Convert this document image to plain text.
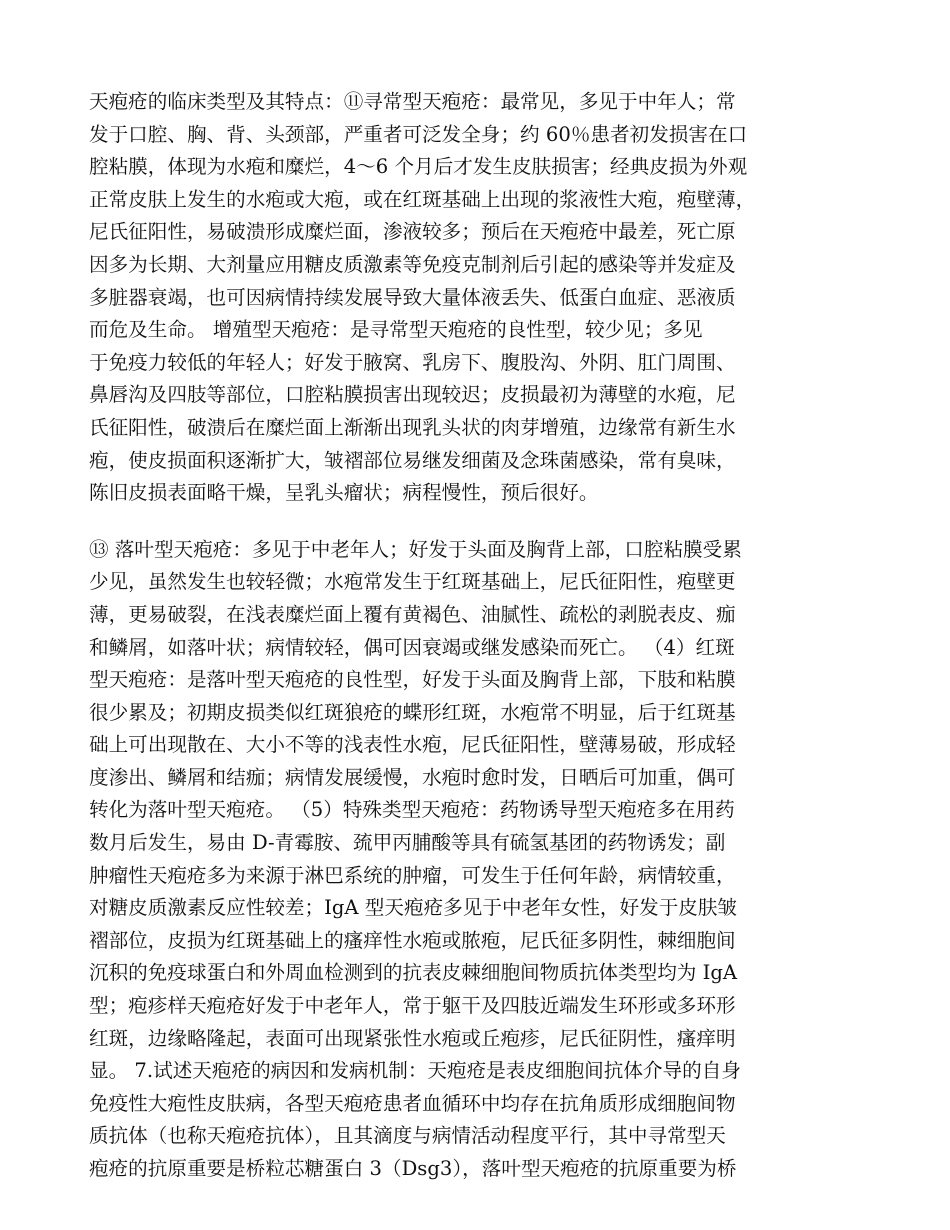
天疱疮的临床类型及其特点：⑪寻常型天疱疮：最常见，多见于中年人；常
发于口腔、胸、背、头颈部，严重者可泛发全身；约 60％患者初发损害在口
腔粘膜，体现为水疱和糜烂，4～6 个月后才发生皮肤损害；经典皮损为外观
正常皮肤上发生的水疱或大疱，或在红斑基础上出现的浆液性大疱，疱壁薄，
尼氏征阳性，易破溃形成糜烂面，渗液较多；预后在天疱疮中最差，死亡原
因多为长期、大剂量应用糖皮质激素等免疫克制剂后引起的感染等并发症及
多脏器衰竭，也可因病情持续发展导致大量体液丢失、低蛋白血症、恶液质
而危及生命。 增殖型天疱疮：是寻常型天疱疮的良性型，较少见；多见
于免疫力较低的年轻人；好发于腋窝、乳房下、腹股沟、外阴、肛门周围、
鼻唇沟及四肢等部位，口腔粘膜损害出现较迟；皮损最初为薄壁的水疱，尼
氏征阳性，破溃后在糜烂面上渐渐出现乳头状的肉芽增殖，边缘常有新生水
疱，使皮损面积逐渐扩大，皱褶部位易继发细菌及念珠菌感染，常有臭味，
陈旧皮损表面略干燥，呈乳头瘤状；病程慢性，预后很好。
⑬ 落叶型天疱疮：多见于中老年人；好发于头面及胸背上部，口腔粘膜受累
少见，虽然发生也较轻微；水疱常发生于红斑基础上，尼氏征阳性，疱壁更
薄，更易破裂，在浅表糜烂面上覆有黄褐色、油腻性、疏松的剥脱表皮、痂
和鳞屑，如落叶状；病情较轻，偶可因衰竭或继发感染而死亡。 （4）红斑
型天疱疮：是落叶型天疱疮的良性型，好发于头面及胸背上部，下肢和粘膜
很少累及；初期皮损类似红斑狼疮的蝶形红斑，水疱常不明显，后于红斑基
础上可出现散在、大小不等的浅表性水疱，尼氏征阳性，壁薄易破，形成轻
度渗出、鳞屑和结痂；病情发展缓慢，水疱时愈时发，日晒后可加重，偶可
转化为落叶型天疱疮。 （5）特殊类型天疱疮：药物诱导型天疱疮多在用药
数月后发生，易由 D-青霉胺、巯甲丙脯酸等具有硫氢基团的药物诱发；副
肿瘤性天疱疮多为来源于淋巴系统的肿瘤，可发生于任何年龄，病情较重，
对糖皮质激素反应性较差；IgA 型天疱疮多见于中老年女性，好发于皮肤皱
褶部位，皮损为红斑基础上的瘙痒性水疱或脓疱，尼氏征多阴性，棘细胞间
沉积的免疫球蛋白和外周血检测到的抗表皮棘细胞间物质抗体类型均为 IgA
型；疱疹样天疱疮好发于中老年人，常于躯干及四肢近端发生环形或多环形
红斑，边缘略隆起，表面可出现紧张性水疱或丘疱疹，尼氏征阴性，瘙痒明
显。 7.试述天疱疮的病因和发病机制：天疱疮是表皮细胞间抗体介导的自身
免疫性大疱性皮肤病，各型天疱疮患者血循环中均存在抗角质形成细胞间物
质抗体（也称天疱疮抗体），且其滴度与病情活动程度平行，其中寻常型天
疱疮的抗原重要是桥粒芯糖蛋白 3（Dsg3），落叶型天疱疮的抗原重要为桥
